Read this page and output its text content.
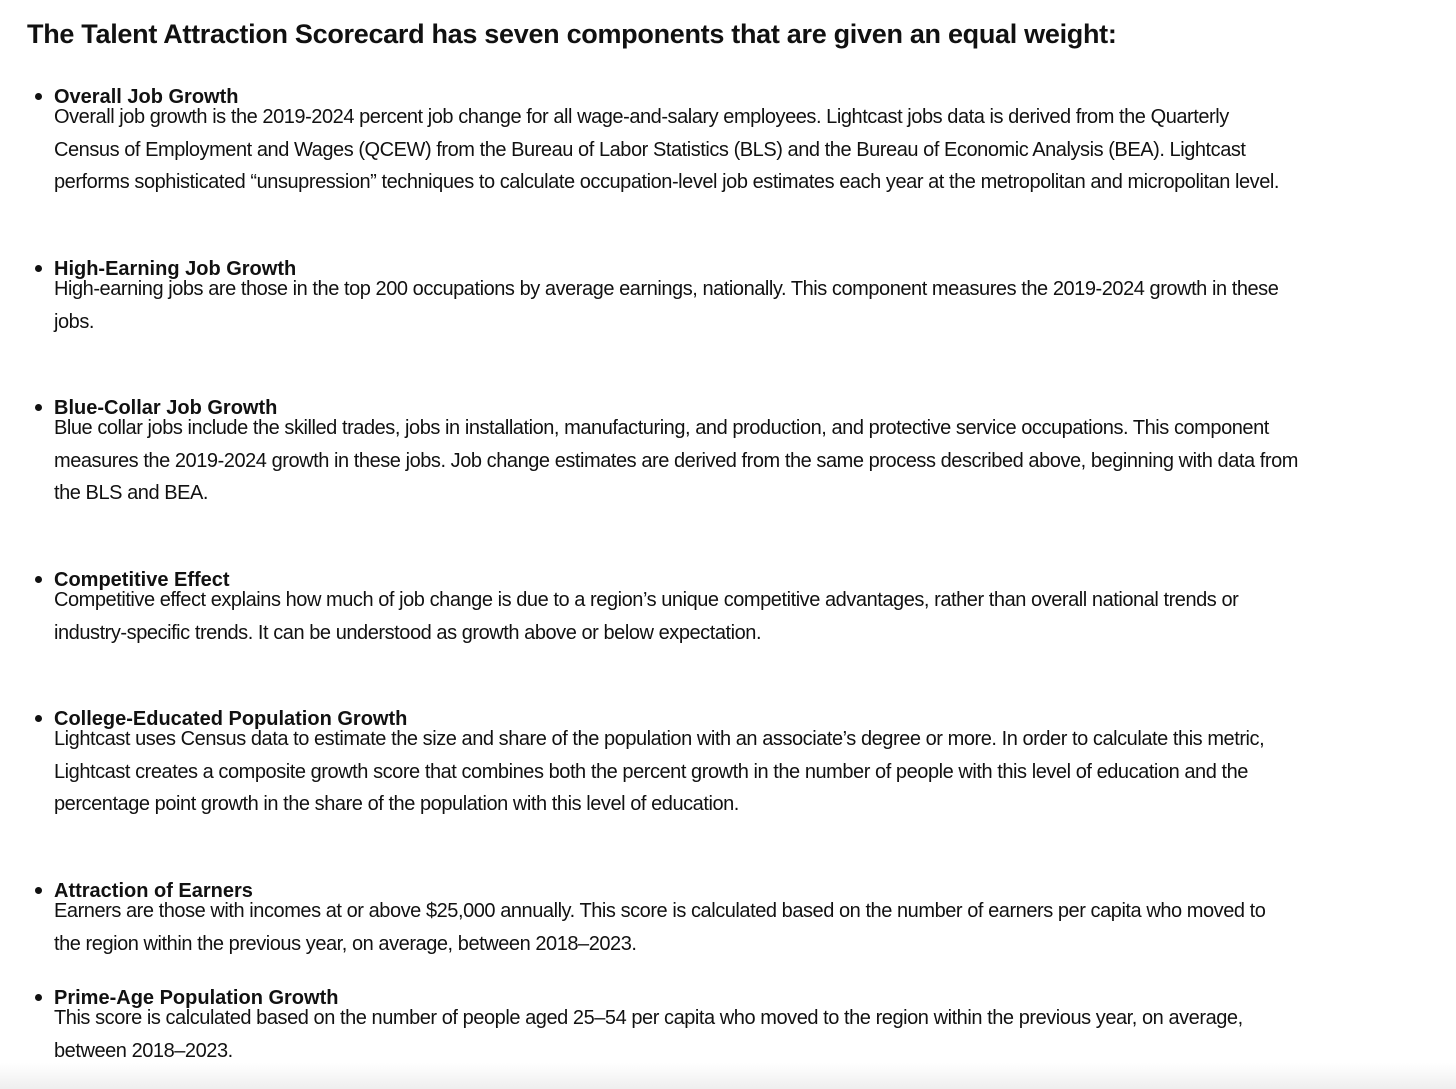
The Talent Attraction Scorecard has seven components that are given an equal weight:
Overall Job Growth

Overall job growth is the 2019-2024 percent job change for all wage-and-salary employees. Lightcast jobs data is derived from the Quarterly
Census of Employment and Wages (QCEW) from the Bureau of Labor Statistics (BLS) and the Bureau of Economic Analysis (BEA). Lightcast
performs sophisticated “unsupression” techniques to calculate occupation-level job estimates each year at the metropolitan and micropolitan level.

High-Earning Job Growth

High-earning jobs are those in the top 200 occupations by average earnings, nationally. This component measures the 2019-2024 growth in these
jobs.

Blue-Collar Job Growth

Blue collar jobs include the skilled trades, jobs in installation, manufacturing, and production, and protective service occupations. This component
measures the 2019-2024 growth in these jobs. Job change estimates are derived from the same process described above, beginning with data from
the BLS and BEA.

Competitive Effect

Competitive effect explains how much of job change is due to a region’s unique competitive advantages, rather than overall national trends or
industry-specific trends. It can be understood as growth above or below expectation.

College-Educated Population Growth

Lightcast uses Census data to estimate the size and share of the population with an associate’s degree or more. In order to calculate this metric,
Lightcast creates a composite growth score that combines both the percent growth in the number of people with this level of education and the
percentage point growth in the share of the population with this level of education.

Attraction of Earners

Earners are those with incomes at or above $25,000 annually. This score is calculated based on the number of earners per capita who moved to
the region within the previous year, on average, between 2018–2023.

Prime-Age Population Growth

This score is calculated based on the number of people aged 25–54 per capita who moved to the region within the previous year, on average,
between 2018–2023.
